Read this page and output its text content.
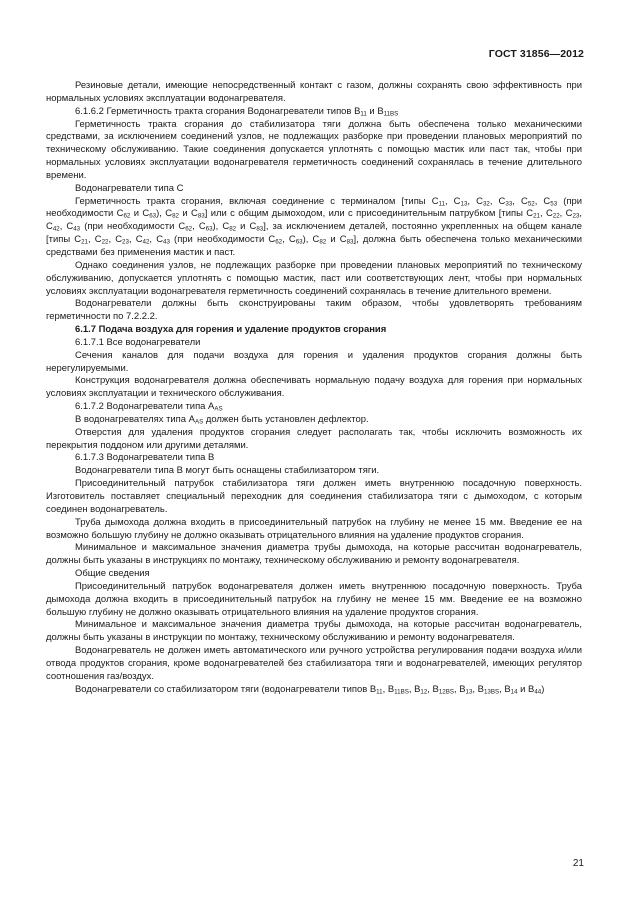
ГОСТ 31856—2012

Резиновые детали, имеющие непосредственный контакт с газом, должны сохранять свою эффективность при нормальных условиях эксплуатации водонагревателя.

6.1.6.2 Герметичность тракта сгорания Водонагреватели типов $В_{11}$ и $В_{11BS}$

Герметичность тракта сгорания до стабилизатора тяги должна быть обеспечена только механическими средствами, за исключением соединений узлов, не подлежащих разборке при проведении плановых мероприятий по техническому обслуживанию. Такие соединения допускается уплотнять с помощью мастик или паст так, чтобы при нормальных условиях эксплуатации водонагревателя герметичность соединений сохранялась в течение длительного времени.

Водонагреватели типа С

Герметичность тракта сгорания, включая соединение с терминалом [типы $С_{11}$, $С_{13}$, $С_{32}$, $С_{33}$, $С_{52}$, $С_{53}$ (при необходимости $С_{62}$ и $С_{63}$), $С_{82}$ и $С_{83}$] или с общим дымоходом, или с присоединительным патрубком [типы $С_{21}$, $С_{22}$, $С_{23}$, $С_{42}$, $С_{43}$ (при необходимости $С_{62}$, $С_{63}$), $С_{82}$ и $С_{83}$], за исключением деталей, постоянно укрепленных на общем канале [типы $С_{21}$, $С_{22}$, $С_{23}$, $С_{42}$, $С_{43}$ (при необходимости $С_{62}$, $С_{63}$), $С_{82}$ и $С_{83}$], должна быть обеспечена только механическими средствами без применения мастик и паст.

Однако соединения узлов, не подлежащих разборке при проведении плановых мероприятий по техническому обслуживанию, допускается уплотнять с помощью мастик, паст или соответствующих лент, чтобы при нормальных условиях эксплуатации водонагревателя герметичность соединений сохранялась в течение длительного времени.

Водонагреватели должны быть сконструированы таким образом, чтобы удовлетворять требованиям герметичности по 7.2.2.2.

6.1.7 Подача воздуха для горения и удаление продуктов сгорания

6.1.7.1 Все водонагреватели

Сечения каналов для подачи воздуха для горения и удаления продуктов сгорания должны быть нерегулируемыми.

Конструкция водонагревателя должна обеспечивать нормальную подачу воздуха для горения при нормальных условиях эксплуатации и технического обслуживания.

6.1.7.2 Водонагреватели типа $А_{AS}$

В водонагревателях типа $А_{AS}$ должен быть установлен дефлектор.

Отверстия для удаления продуктов сгорания следует располагать так, чтобы исключить возможность их перекрытия поддоном или другими деталями.

6.1.7.3 Водонагреватели типа В

Водонагреватели типа В могут быть оснащены стабилизатором тяги.

Присоединительный патрубок стабилизатора тяги должен иметь внутреннюю посадочную поверхность. Изготовитель поставляет специальный переходник для соединения стабилизатора тяги с дымоходом, с которым соединен водонагреватель.

Труба дымохода должна входить в присоединительный патрубок на глубину не менее 15 мм. Введение ее на возможно большую глубину не должно оказывать отрицательного влияния на удаление продуктов сгорания.

Минимальное и максимальное значения диаметра трубы дымохода, на которые рассчитан водонагреватель, должны быть указаны в инструкциях по монтажу, техническому обслуживанию и ремонту водонагревателя.

Общие сведения

Присоединительный патрубок водонагревателя должен иметь внутреннюю посадочную поверхность. Труба дымохода должна входить в присоединительный патрубок на глубину не менее 15 мм. Введение ее на возможно большую глубину не должно оказывать отрицательного влияния на удаление продуктов сгорания.

Минимальное и максимальное значения диаметра трубы дымохода, на которые рассчитан водонагреватель, должны быть указаны в инструкции по монтажу, техническому обслуживанию и ремонту водонагревателя.

Водонагреватель не должен иметь автоматического или ручного устройства регулирования подачи воздуха и/или отвода продуктов сгорания, кроме водонагревателей без стабилизатора тяги и водонагревателей, имеющих регулятор соотношения газ/воздух.

Водонагреватели со стабилизатором тяги (водонагреватели типов $В_{11}$, $В_{11BS}$, $В_{12}$, $В_{12BS}$, $В_{13}$, $В_{13BS}$, $В_{14}$ и $В_{44}$)

21
